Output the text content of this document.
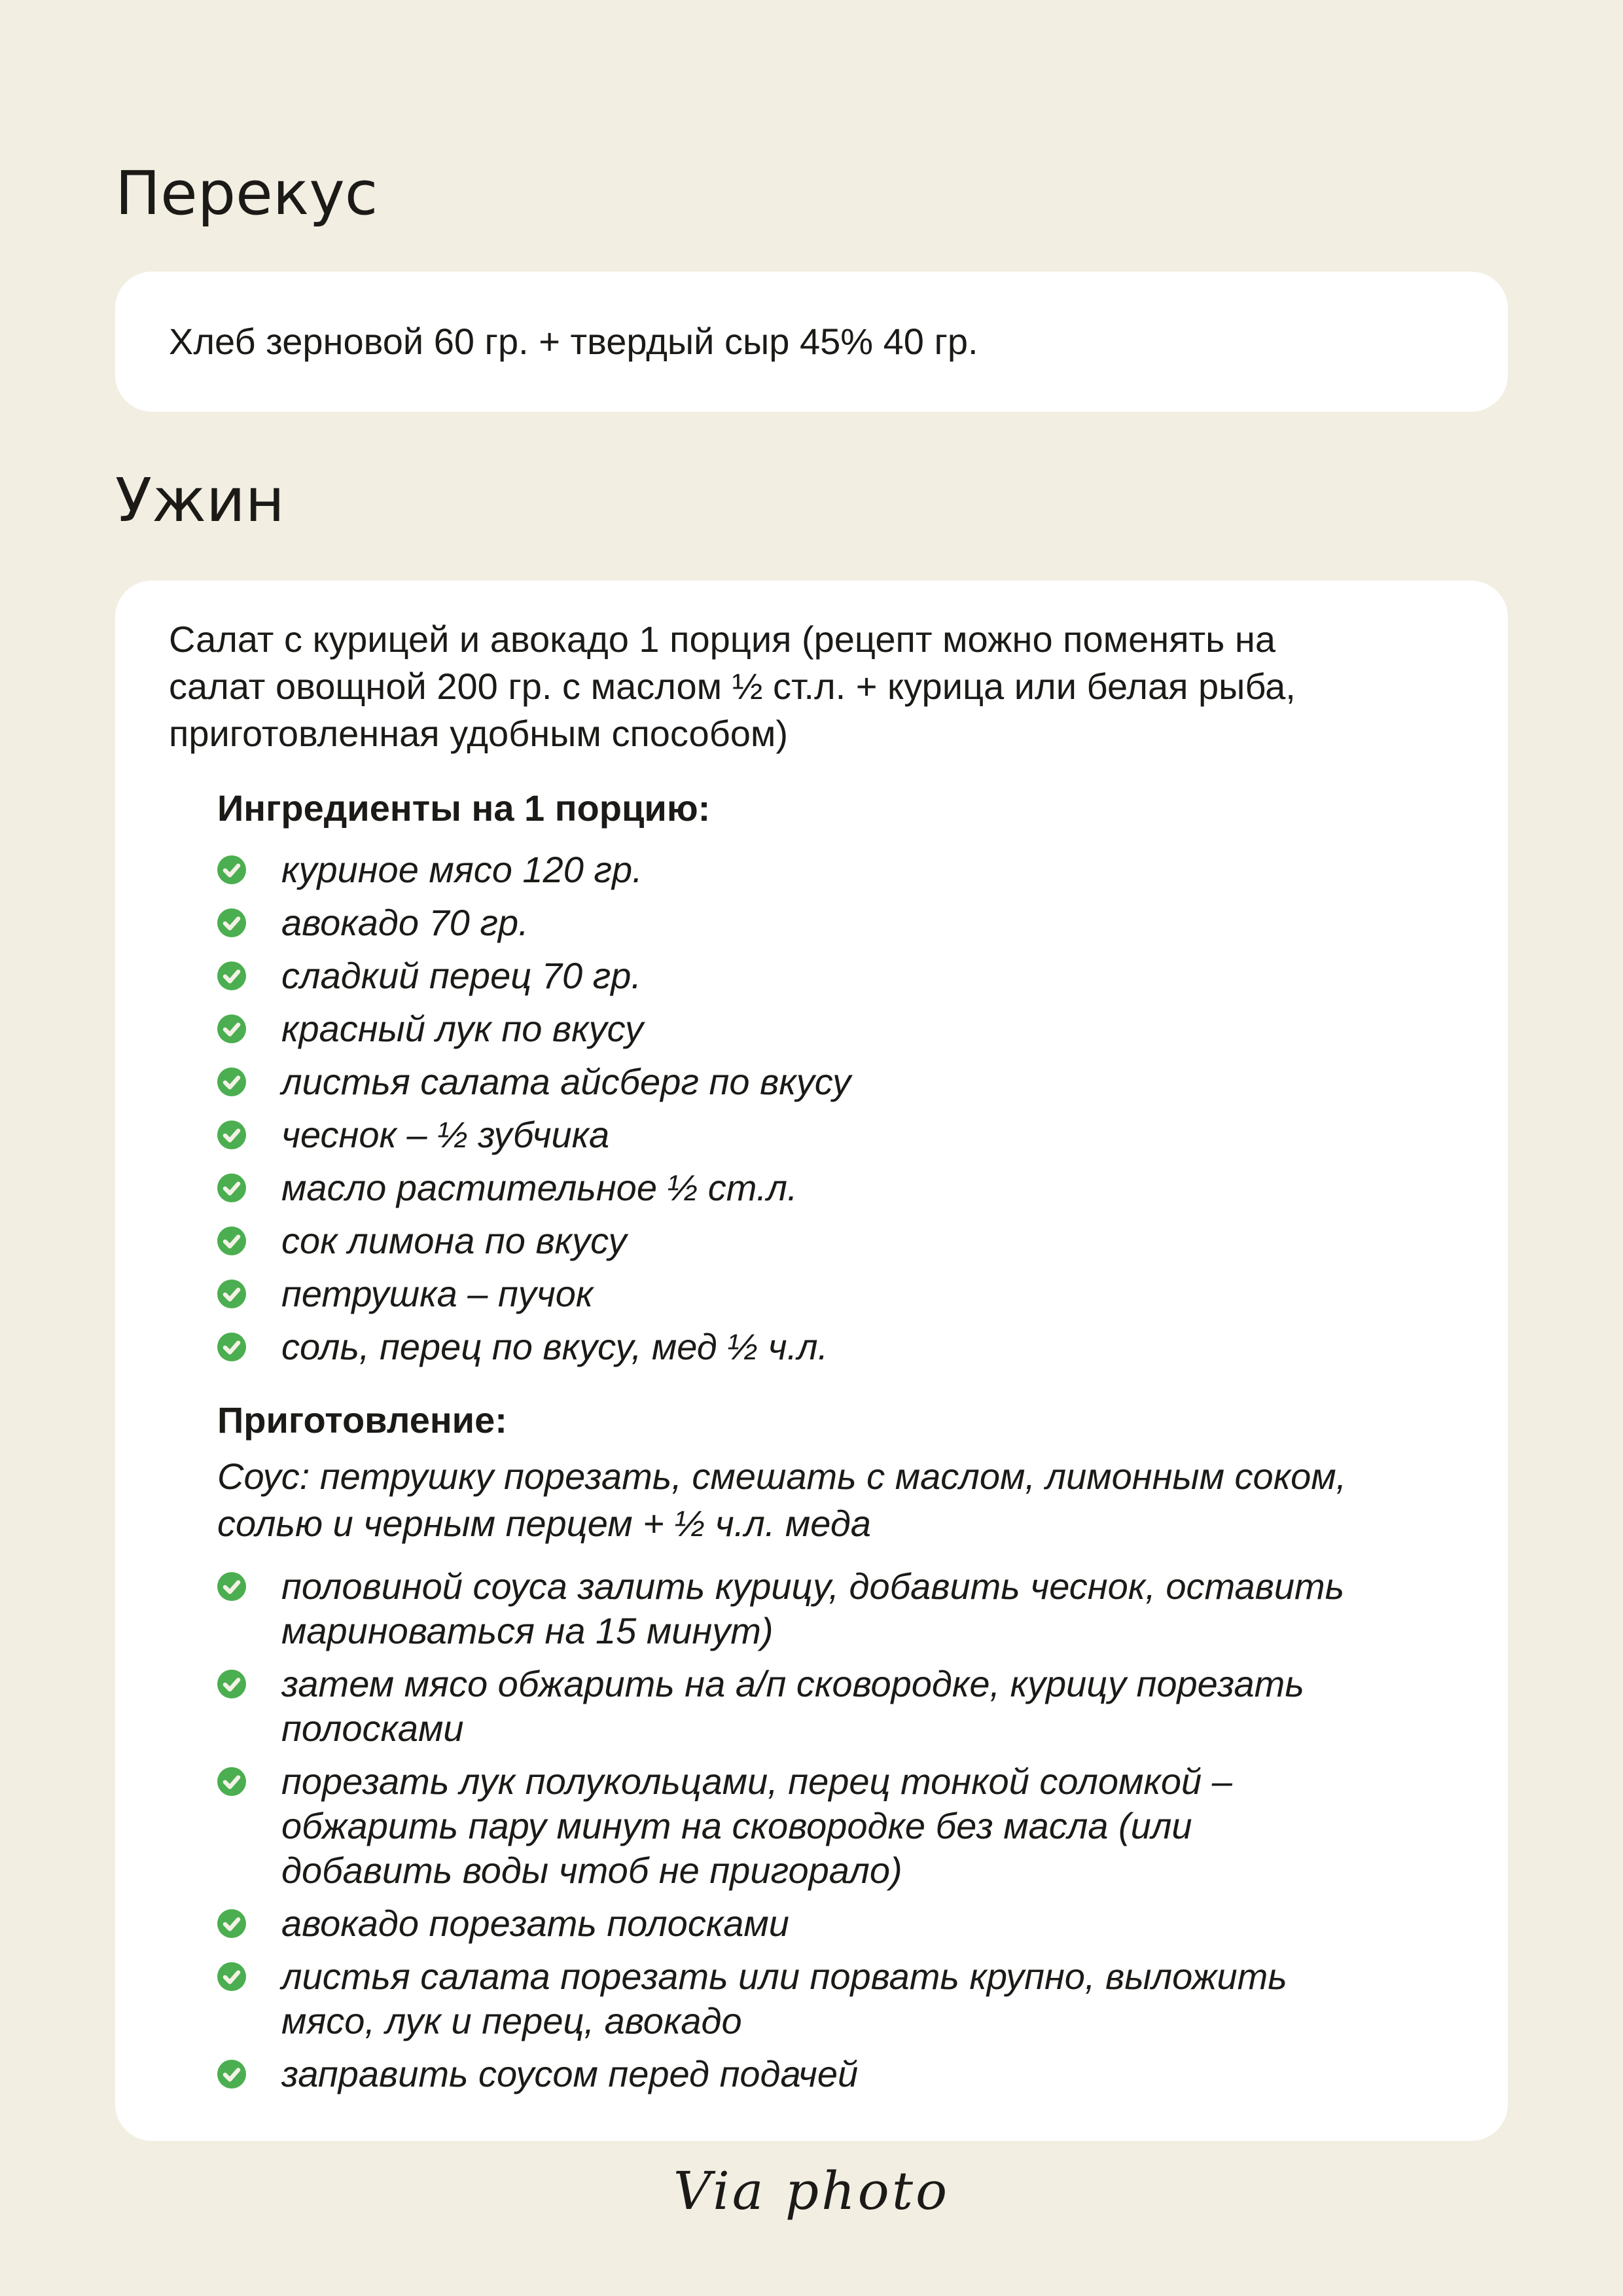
Перекус

Хлеб зерновой 60 гр. + твердый сыр 45% 40 гр.

Ужин

Салат с курицей и авокадо 1 порция (рецепт можно поменять на салат овощной 200 гр. с маслом ½ ст.л. + курица или белая рыба, приготовленная удобным способом)

Ингредиенты на 1 порцию:
куриное мясо 120 гр.
авокадо 70 гр.
сладкий перец 70 гр.
красный лук по вкусу
листья салата айсберг по вкусу
чеснок – ½ зубчика
масло растительное ½ ст.л.
сок лимона по вкусу
петрушка – пучок
соль, перец по вкусу, мед ½ ч.л.
Приготовление:

Соус: петрушку порезать, смешать с маслом, лимонным соком, солью и черным перцем + ½ ч.л. меда

половиной соуса залить курицу, добавить чеснок, оставить мариноваться на 15 минут)
затем мясо обжарить на а/п сковородке, курицу порезать полосками
порезать лук полукольцами, перец тонкой соломкой – обжарить пару минут на сковородке без масла (или добавить воды чтоб не пригорало)
авокадо порезать полосками
листья салата порезать или порвать крупно, выложить мясо, лук и перец, авокадо
заправить соусом перед подачей
Via photo
